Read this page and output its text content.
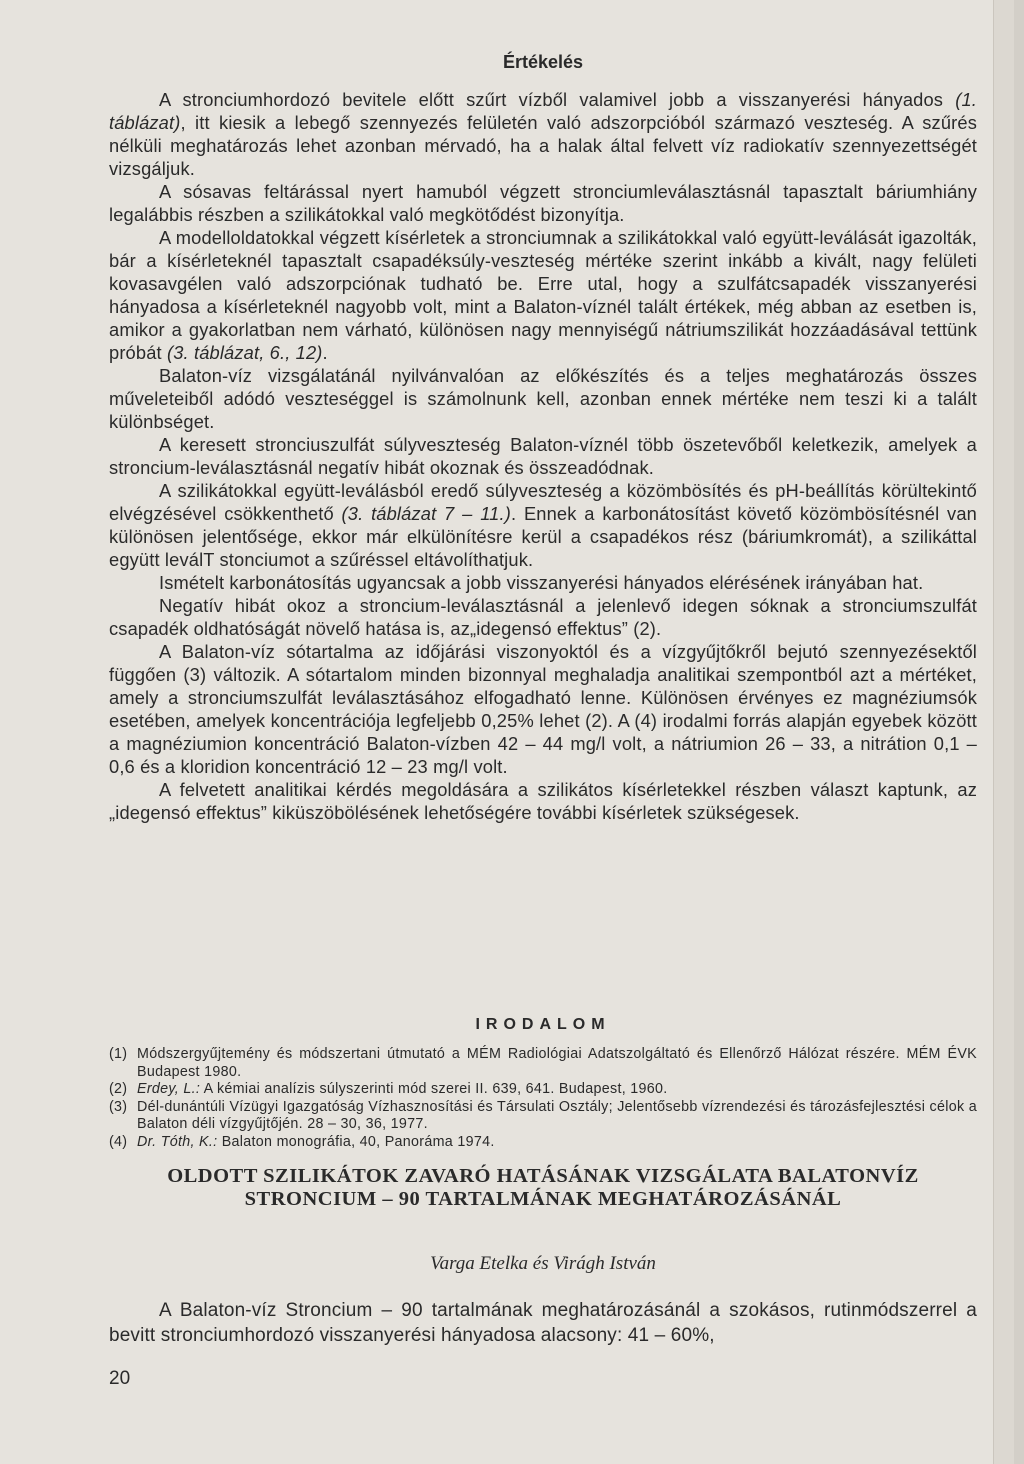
Értékelés

A stronciumhordozó bevitele előtt szűrt vízből valamivel jobb a visszanyerési hányados (1. táblázat), itt kiesik a lebegő szennyezés felületén való adszorpcióból származó veszteség. A szűrés nélküli meghatározás lehet azonban mérvadó, ha a halak által felvett víz radiokatív szennyezettségét vizsgáljuk.

A sósavas feltárással nyert hamuból végzett stronciumleválasztásnál tapasztalt báriumhiány legalábbis részben a szilikátokkal való megkötődést bizonyítja.

A modelloldatokkal végzett kísérletek a stronciumnak a szilikátokkal való együtt-leválását igazolták, bár a kísérleteknél tapasztalt csapadéksúly-veszteség mértéke szerint inkább a kivált, nagy felületi kovasavgélen való adszorpciónak tudható be. Erre utal, hogy a szulfátcsapadék visszanyerési hányadosa a kísérleteknél nagyobb volt, mint a Balaton-víznél talált értékek, még abban az esetben is, amikor a gyakorlatban nem várható, különösen nagy mennyiségű nátriumszilikát hozzáadásával tettünk próbát (3. táblázat, 6., 12).

Balaton-víz vizsgálatánál nyilvánvalóan az előkészítés és a teljes meghatározás összes műveleteiből adódó veszteséggel is számolnunk kell, azonban ennek mértéke nem teszi ki a talált különbséget.

A keresett stronciuszulfát súlyveszteség Balaton-víznél több öszetevőből keletkezik, amelyek a stroncium-leválasztásnál negatív hibát okoznak és összeadódnak.

A szilikátokkal együtt-leválásból eredő súlyveszteség a közömbösítés és pH-beállítás körültekintő elvégzésével csökkenthető (3. táblázat 7 – 11.). Ennek a karbonátosítást követő közömbösítésnél van különösen jelentősége, ekkor már elkülönítésre kerül a csapadékos rész (báriumkromát), a szilikáttal együtt leválT stonciumot a szűréssel eltávolíthatjuk.

Ismételt karbonátosítás ugyancsak a jobb visszanyerési hányados elérésének irányában hat.

Negatív hibát okoz a stroncium-leválasztásnál a jelenlevő idegen sóknak a stronciumszulfát csapadék oldhatóságát növelő hatása is, az„idegensó effektus” (2).

A Balaton-víz sótartalma az időjárási viszonyoktól és a vízgyűjtőkről bejutó szennyezésektől függően (3) változik. A sótartalom minden bizonnyal meghaladja analitikai szempontból azt a mértéket, amely a stronciumszulfát leválasztásához elfogadható lenne. Különösen érvényes ez magnéziumsók esetében, amelyek koncentrációja legfeljebb 0,25% lehet (2). A (4) irodalmi forrás alapján egyebek között a magnéziumion koncentráció Balaton-vízben 42 – 44 mg/l volt, a nátriumion 26 – 33, a nitrátion 0,1 – 0,6 és a kloridion koncentráció 12 – 23 mg/l volt.

A felvetett analitikai kérdés megoldására a szilikátos kísérletekkel részben választ kaptunk, az „idegensó effektus” kiküszöbölésének lehetőségére további kísérletek szükségesek.

IRODALOM
(1) Módszergyűjtemény és módszertani útmutató a MÉM Radiológiai Adatszolgáltató és Ellenőrző Hálózat részére. MÉM ÉVK Budapest 1980.
(2) Erdey, L.: A kémiai analízis súlyszerinti mód szerei II. 639, 641. Budapest, 1960.
(3) Dél-dunántúli Vízügyi Igazgatóság Vízhasznosítási és Társulati Osztály; Jelentősebb vízrendezési és tározásfejlesztési célok a Balaton déli vízgyűjtőjén. 28 – 30, 36, 1977.
(4) Dr. Tóth, K.: Balaton monográfia, 40, Panoráma 1974.
OLDOTT SZILIKÁTOK ZAVARÓ HATÁSÁNAK VIZSGÁLATA BALATONVÍZ
STRONCIUM – 90 TARTALMÁNAK MEGHATÁROZÁSÁNÁL

Varga Etelka és Virágh István

A Balaton-víz Stroncium – 90 tartalmának meghatározásánál a szokásos, rutinmódszerrel a bevitt stronciumhordozó visszanyerési hányadosa alacsony: 41 – 60%,

20
